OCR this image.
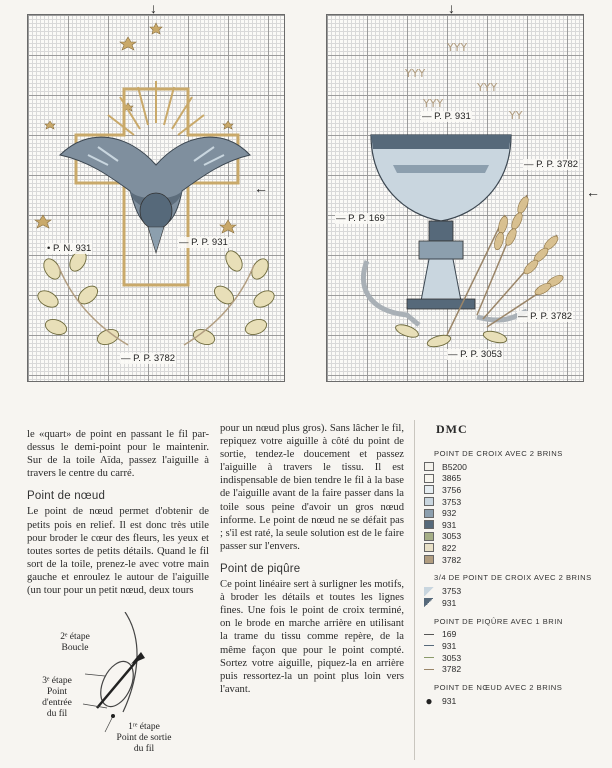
• P. N. 931
— P. P. 931
— P. P. 3782
ΥΥΥ
ΥΥΥ
ΥΥΥ
ΥΥΥ
ΥΥ
— P. P. 931
— P. P. 3782
— P. P. 169
— P. P. 3782
— P. P. 3053
↓	↓
←	←

le «quart» de point en passant le fil par-dessus le demi-point pour le maintenir. Sur de la toile Aïda, passez l'aiguille à travers le centre du carré.

Point de nœud

Le point de nœud permet d'obtenir de petits pois en relief. Il est donc très utile pour broder le cœur des fleurs, les yeux et toutes sortes de petits détails. Quand le fil sort de la toile, prenez-le avec votre main gauche et enroulez le autour de l'aiguille (un tour pour un petit nœud, deux tours

pour un nœud plus gros). Sans lâcher le fil, repiquez votre aiguille à côté du point de sortie, tendez-le doucement et passez l'aiguille à travers le tissu. Il est indispensable de bien tendre le fil à la base de l'aiguille avant de la faire passer dans la toile sous peine d'avoir un gros nœud informe. Le point de nœud ne se défait pas ; s'il est raté, la seule solution est de le faire passer sur l'envers.

Point de piqûre

Ce point linéaire sert à surligner les motifs, à broder les détails et toutes les lignes fines. Une fois le point de croix terminé, on le brode en marche arrière en utilisant la trame du tissu comme repère, de la même façon que pour le point compté. Sortez votre aiguille, piquez-la en arrière puis ressortez-la un point plus loin vers l'avant.

2ᵉ étape
Boucle
3ᵉ étape
Point
d'entrée
du fil
1ʳᵉ étape
Point de sortie
du fil
DMC
POINT DE CROIX AVEC 2 BRINS
B5200
3865
3756
3753
932
931
3053
822
3782
3/4 DE POINT DE CROIX AVEC 2 BRINS
3753
931
POINT DE PIQÛRE AVEC 1 BRIN
169
931
3053
3782
POINT DE NŒUD AVEC 2 BRINS
● 931
